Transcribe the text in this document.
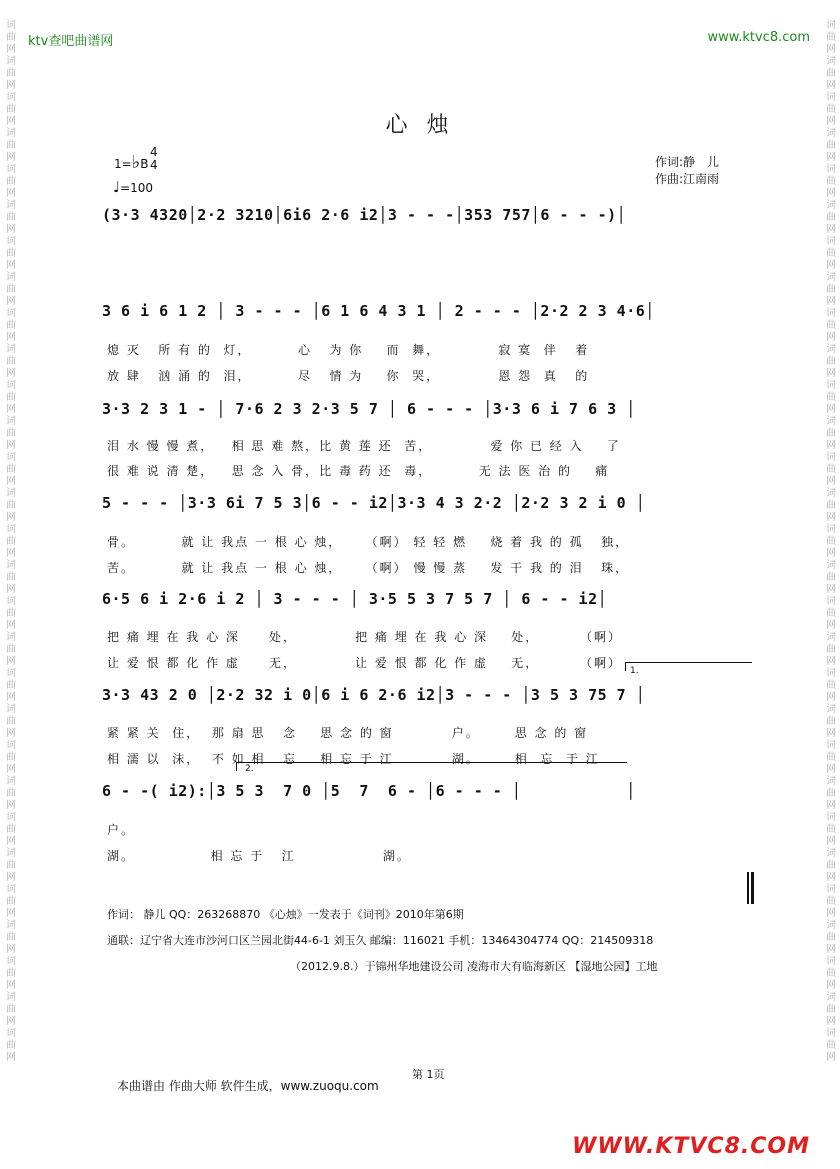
词曲网词曲网词曲网词曲网词曲网词曲网词曲网词曲网词曲网词曲网词曲网词曲网词曲网词曲网词曲网词曲网词曲网词曲网词曲网词曲网词曲网词曲网词曲网词曲网词曲网词曲网词曲网词曲网词曲网
词曲网词曲网词曲网词曲网词曲网词曲网词曲网词曲网词曲网词曲网词曲网词曲网词曲网词曲网词曲网词曲网词曲网词曲网词曲网词曲网词曲网词曲网词曲网词曲网词曲网词曲网词曲网词曲网词曲网
ktv查吧曲谱网	www.ktvc8.com
心 烛
1=♭B
4
4
♩=100
作词:静　儿
作曲:江南雨
(3·3 4320│2·2 3210│6i6 2·6 i2│3 - - -│353 757│6 - - -)│
3 6 i 6 1 2 │ 3 - - - │6 1 6 4 3 1 │ 2 - - - │2·2 2 3 4·6│
3·3 2 3 1 - │ 7·6 2 3 2·3 5 7 │ 6 - - - │3·3 6 i 7 6 3 │
5 - - - │3·3 6i 7 5 3│6 - - i2│3·3 4 3 2·2 │2·2 3 2 i 0 │
6·5 6 i 2·6 i 2 │ 3 - - - │ 3·5 5 3 7 5 7 │ 6 - - i2│
3·3 43 2 0 │2·2 32 i 0│6 i 6 2·6 i2│3 - - - │3 5 3 75 7 │
6 - -( i2):│3 5 3  7 0 │5  7  6 - │6 - - - │           │
熄 灭   所 有 的  灯，        心   为 你    而  舞，          寂 寞  伴   着
放 肆   汹 涌 的  泪，        尽   情 为    你  哭，          恩 怨  真   的
泪 水 慢 慢 煮，   相 思 难 熬，比 黄 莲 还  苦，          爱 你 已 经 入    了
很 难 说 清 楚，   思 念 入 骨，比 毒 药 还  毒，        无 法 医 治 的    痛
骨。        就 让 我点 一 根 心 烛，    （啊） 轻 轻 燃    烧 着 我 的 孤   独，
苦。        就 让 我点 一 根 心 烛，    （啊） 慢 慢 蒸    发 干 我 的 泪   珠，
把 痛 埋 在 我 心 深     处，          把 痛 埋 在 我 心 深    处，       （啊）
让 爱 恨 都 化 作 虚     无，          让 爱 恨 都 化 作 虚    无，       （啊）
紧 紧 关  住，  那 扇 思   念    思 念 的 窗          户。      思 念 的 窗
相 濡 以  沫，  不 如 相   忘    相 忘 于 江          湖。      相  忘  于 江
户。
湖。             相 忘 于   江               湖。
1.
2.
作词： 静儿 QQ：263268870 《心烛》一发表于《词刊》2010年第6期
通联：辽宁省大连市沙河口区兰园北街44-6-1 刘玉久 邮编：116021 手机：13464304774 QQ：214509318
（2012.9.8.）于锦州华地建设公司 凌海市大有临海新区 【湿地公园】工地
第 1页
本曲谱由 作曲大师 软件生成，www.zuoqu.com
WWW.KTVC8.COM
